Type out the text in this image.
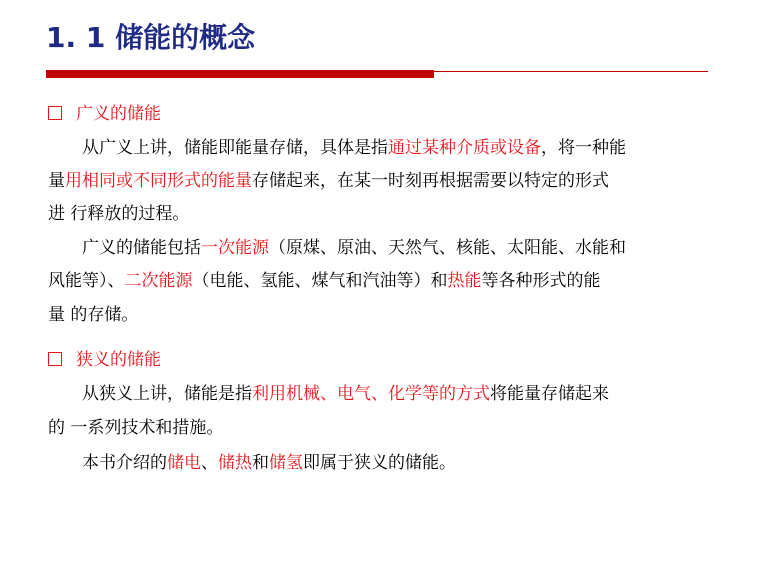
1. 1 储能的概念
广义的储能
从广义上讲，储能即能量存储，具体是指通过某种介质或设备，将一种能
量用相同或不同形式的能量存储起来，在某一时刻再根据需要以特定的形式
进 行释放的过程。
广义的储能包括一次能源（原煤、原油、天然气、核能、太阳能、水能和
风能等）、二次能源（电能、氢能、煤气和汽油等）和热能等各种形式的能
量 的存储。
狭义的储能
从狭义上讲，储能是指利用机械、电气、化学等的方式将能量存储起来
的 一系列技术和措施。
本书介绍的储电、储热和储氢即属于狭义的储能。
